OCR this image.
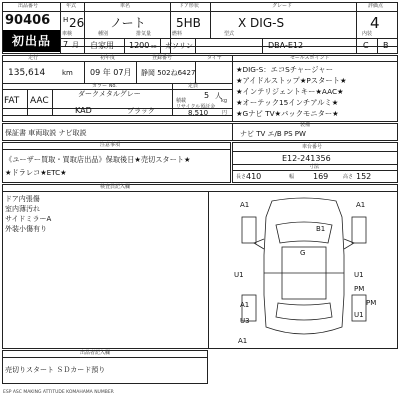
出品番号
90406
初出品
年式
H 26
7 月
車名
ノート
ドア形状
5HB
グレード
X DIG-S
評価点
4
車検	種別
自家用
排気量
1200 cc
燃料
ガソリン
型式
DBA-E12
内装
C B
走行
135,614 km
初年度
09 年 07月
登録番号
静岡 502ね6427
タイヤ	セールスポイント
FAT AAC
カラー No.
ダークメタルグレー
KAD	ブラック
定員
5 人
積載	kg
リサイクル預託金
8,510	円
★DIG-S：エコSチャージャー
★アイドルストップ★Pスタート★
★インテリジェントキー★AAC★
★オーテック15インチアルミ★
★Gナビ TV★バックモニター★
保証書 車両取説 ナビ取説
装備
ナビ TV エ/B PS PW
車台番号
E12-241356
寸法
長さ 410	幅 169	高さ 152
注意事項
《ユーザー買取・買取店出品》保取後日★売切スタート★
★ドラレコ★ETC★
検査員記入欄
ドア内張傷
室内薄汚れ
サイドミラーA
外装小傷有り
A1	A1
B1
G
U1	U1
U3
A1
U1
PM
PM
A1
出品者記入欄
売切りスタート ＳＤカード預り
ESP ASC MAKING ATTITUDE KOMAHAMA NUMBER
